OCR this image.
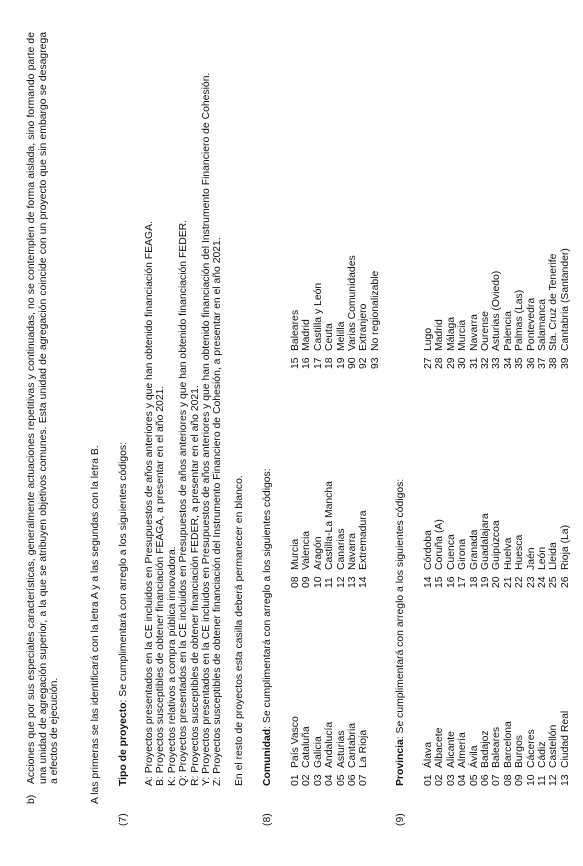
b)
Acciones que por sus especiales características, generalmente actuaciones repetitivas y continuadas, no se contemplen de forma aislada, sino formando parte de una unidad de agregación superior, a la que se atribuyen objetivos comunes. Esta unidad de agregación coincide con un proyecto que sin embargo se desagrega a efectos de ejecución.	A las primeras se las identificará con la letra A y a las segundas con la letra B.
(7)
Tipo de proyecto: Se cumplimentará con arreglo a los siguientes códigos: A: Proyectos presentados en la CE incluidos en Presupuestos de años anteriores y que han obtenido financiación FEAGA. B: Proyectos susceptibles de obtener financiación FEAGA, a presentar en el año 2021. K: Proyectos relativos a compra pública innovadora. Q: Proyectos presentados en la CE incluidos en Presupuestos de años anteriores y que han obtenido financiación FEDER. R: Proyectos susceptibles de obtener financiación FEDER, a presentar en el año 2021. Y: Proyectos presentados en la CE incluidos en Presupuestos de años anteriores y que han obtenido financiación del Instrumento Financiero de Cohesión. Z: Proyectos susceptibles de obtener financiación del Instrumento Financiero de Cohesión, a presentar en el año 2021. En el resto de proyectos esta casilla deberá permanecer en blanco.
(8)
Comunidad: Se cumplimentará con arreglo a los siguientes códigos:
01País Vasco
02Cataluña
03Galicia
04Andalucía
05Asturias
06Cantabria
07La Rioja
08Murcia
09Valencia
10Aragón
11Castilla-La Mancha
12Canarias
13Navarra
14Extremadura
15Baleares
16Madrid
17Castilla y León
18Ceuta
19Melilla
90Varias Comunidades
92Extranjero
93No regionalizable
(9)
Provincia: Se cumplimentará con arreglo a los siguientes códigos:
01Álava
02Albacete
03Alicante
04Almería
05Ávila
06Badajoz
07Baleares
08Barcelona
09Burgos
10Cáceres
11Cádiz
12Castellón
13Ciudad Real
14Córdoba
15Coruña (A)
16Cuenca
17Girona
18Granada
19Guadalajara
20Guipúzcoa
21Huelva
22Huesca
23Jaén
24León
25Lleida
26Rioja (La)
27Lugo
28Madrid
29Málaga
30Murcia
31Navarra
32Ourense
33Asturias (Oviedo)
34Palencia
35Palmas (Las)
36Pontevedra
37Salamanca
38Sta. Cruz de Tenerife
39Cantabria (Santander)
